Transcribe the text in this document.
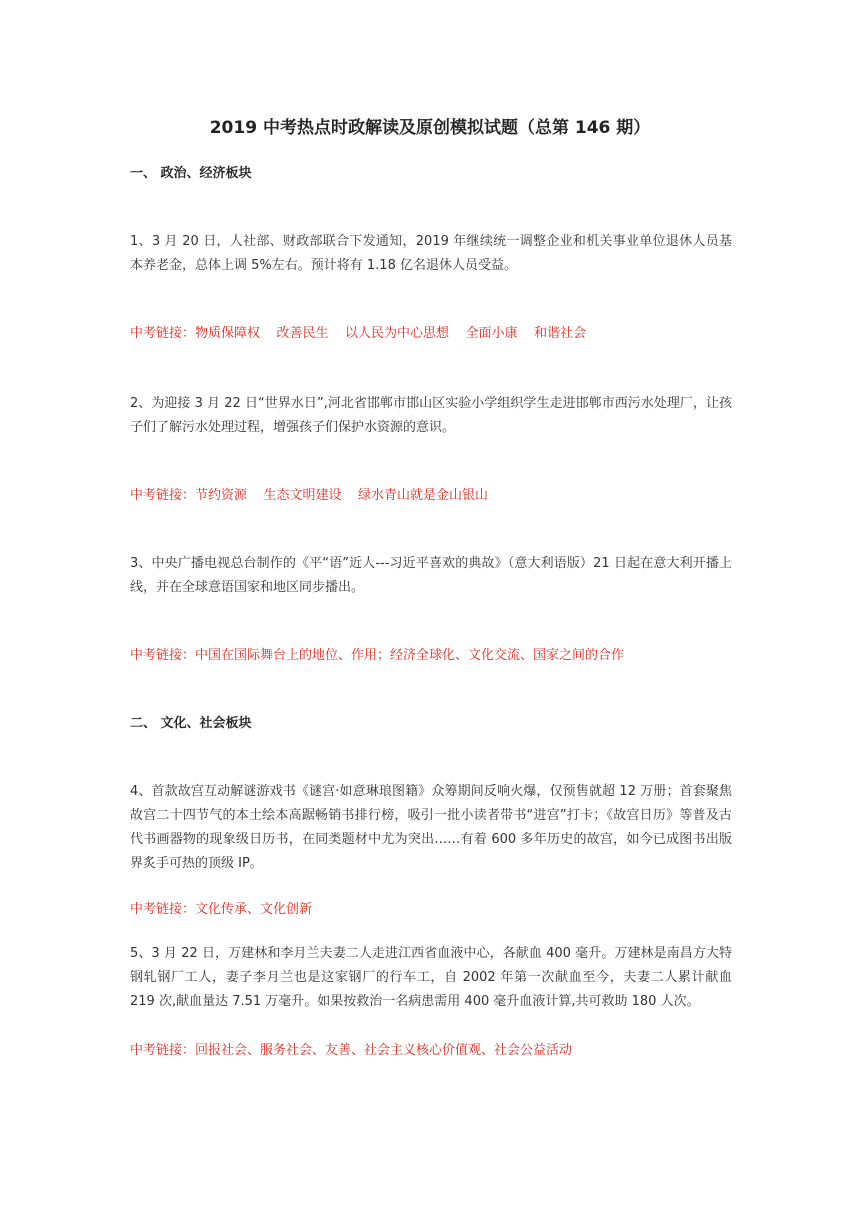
2019 中考热点时政解读及原创模拟试题（总第 146 期）

一、 政治、经济板块

1、3 月 20 日，人社部、财政部联合下发通知，2019 年继续统一调整企业和机关事业单位退休人员基本养老金，总体上调 5%左右。预计将有 1.18 亿名退休人员受益。

中考链接：物质保障权    改善民生    以人民为中心思想    全面小康    和谐社会

2、为迎接 3 月 22 日“世界水日”,河北省邯郸市邯山区实验小学组织学生走进邯郸市西污水处理厂，让孩子们了解污水处理过程，增强孩子们保护水资源的意识。

中考链接：节约资源    生态文明建设    绿水青山就是金山银山

3、中央广播电视总台制作的《平“语”近人---习近平喜欢的典故》（意大利语版）21 日起在意大利开播上线，并在全球意语国家和地区同步播出。

中考链接：中国在国际舞台上的地位、作用；经济全球化、文化交流、国家之间的合作

二、 文化、社会板块

4、首款故宫互动解谜游戏书《谜宫·如意琳琅图籍》众筹期间反响火爆，仅预售就超 12 万册；首套聚焦故宫二十四节气的本土绘本高踞畅销书排行榜，吸引一批小读者带书“进宫”打卡；《故宫日历》等普及古代书画器物的现象级日历书，在同类题材中尤为突出……有着 600 多年历史的故宫，如今已成图书出版界炙手可热的顶级 IP。

中考链接：文化传承、文化创新

5、3 月 22 日，万建林和李月兰夫妻二人走进江西省血液中心，各献血 400 毫升。万建林是南昌方大特钢轧钢厂工人，妻子李月兰也是这家钢厂的行车工，自 2002 年第一次献血至今，夫妻二人累计献血 219 次,献血量达 7.51 万毫升。如果按救治一名病患需用 400 毫升血液计算,共可救助 180 人次。

中考链接：回报社会、服务社会、友善、社会主义核心价值观、社会公益活动
